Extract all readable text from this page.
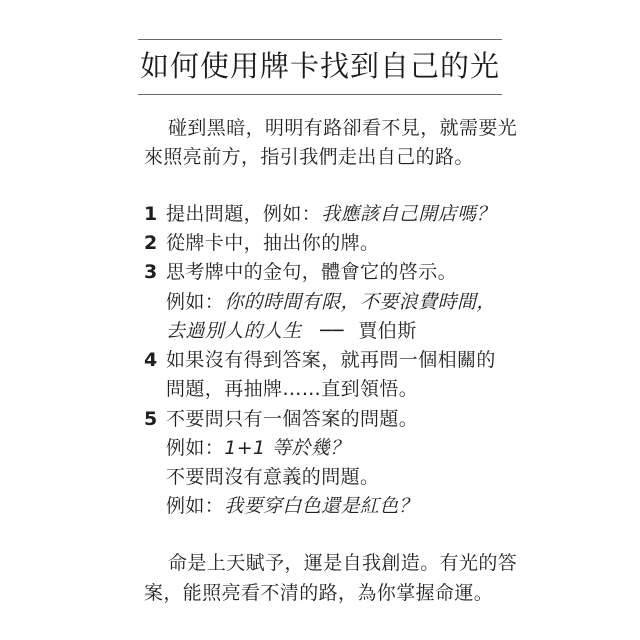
如何使用牌卡找到自己的光
碰到黑暗，明明有路卻看不見，就需要光
來照亮前方，指引我們走出自己的路。
1 提出問題，例如：我應該自己開店嗎？
2 從牌卡中，抽出你的牌。
3 思考牌中的金句，體會它的啓示。
例如：你的時間有限，不要浪費時間，
去過別人的人生 ── 賈伯斯
4 如果沒有得到答案，就再問一個相關的
問題，再抽牌……直到領悟。
5 不要問只有一個答案的問題。
例如：1+1 等於幾？
不要問沒有意義的問題。
例如：我要穿白色還是紅色？
命是上天賦予，運是自我創造。有光的答
案，能照亮看不清的路，為你掌握命運。
